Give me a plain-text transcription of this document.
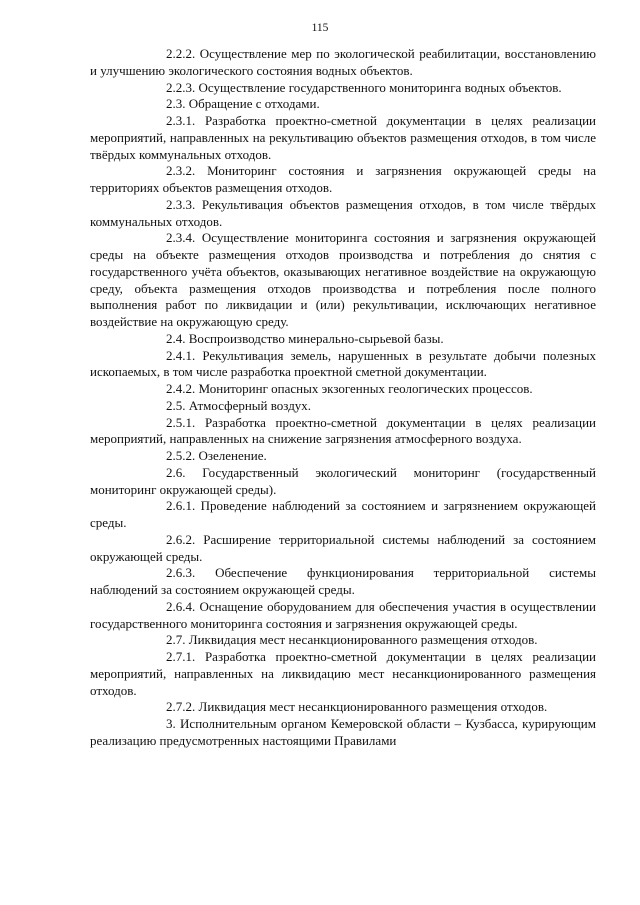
115

2.2.2. Осуществление мер по экологической реабилитации, восстановлению и улучшению экологического состояния водных объектов.

2.2.3. Осуществление государственного мониторинга водных объектов.

2.3. Обращение с отходами.

2.3.1. Разработка проектно-сметной документации в целях реализации мероприятий, направленных на рекультивацию объектов размещения отходов, в том числе твёрдых коммунальных отходов.

2.3.2. Мониторинг состояния и загрязнения окружающей среды на территориях объектов размещения отходов.

2.3.3. Рекультивация объектов размещения отходов, в том числе твёрдых коммунальных отходов.

2.3.4. Осуществление мониторинга состояния и загрязнения окружающей среды на объекте размещения отходов производства и потребления до снятия с государственного учёта объектов, оказывающих негативное воздействие на окружающую среду, объекта размещения отходов производства и потребления после полного выполнения работ по ликвидации и (или) рекультивации, исключающих негативное воздействие на окружающую среду.

2.4. Воспроизводство минерально-сырьевой базы.

2.4.1. Рекультивация земель, нарушенных в результате добычи полезных ископаемых, в том числе разработка проектной сметной документации.

2.4.2. Мониторинг опасных экзогенных геологических процессов.

2.5. Атмосферный воздух.

2.5.1. Разработка проектно-сметной документации в целях реализации мероприятий, направленных на снижение загрязнения атмосферного воздуха.

2.5.2. Озеленение.

2.6. Государственный экологический мониторинг (государственный мониторинг окружающей среды).

2.6.1. Проведение наблюдений за состоянием и загрязнением окружающей среды.

2.6.2. Расширение территориальной системы наблюдений за состоянием окружающей среды.

2.6.3. Обеспечение функционирования территориальной системы наблюдений за состоянием окружающей среды.

2.6.4. Оснащение оборудованием для обеспечения участия в осуществлении государственного мониторинга состояния и загрязнения окружающей среды.

2.7. Ликвидация мест несанкционированного размещения отходов.

2.7.1. Разработка проектно-сметной документации в целях реализации мероприятий, направленных на ликвидацию мест несанкционированного размещения отходов.

2.7.2. Ликвидация мест несанкционированного размещения отходов.

3. Исполнительным органом Кемеровской области – Кузбасса, курирующим реализацию предусмотренных настоящими Правилами
